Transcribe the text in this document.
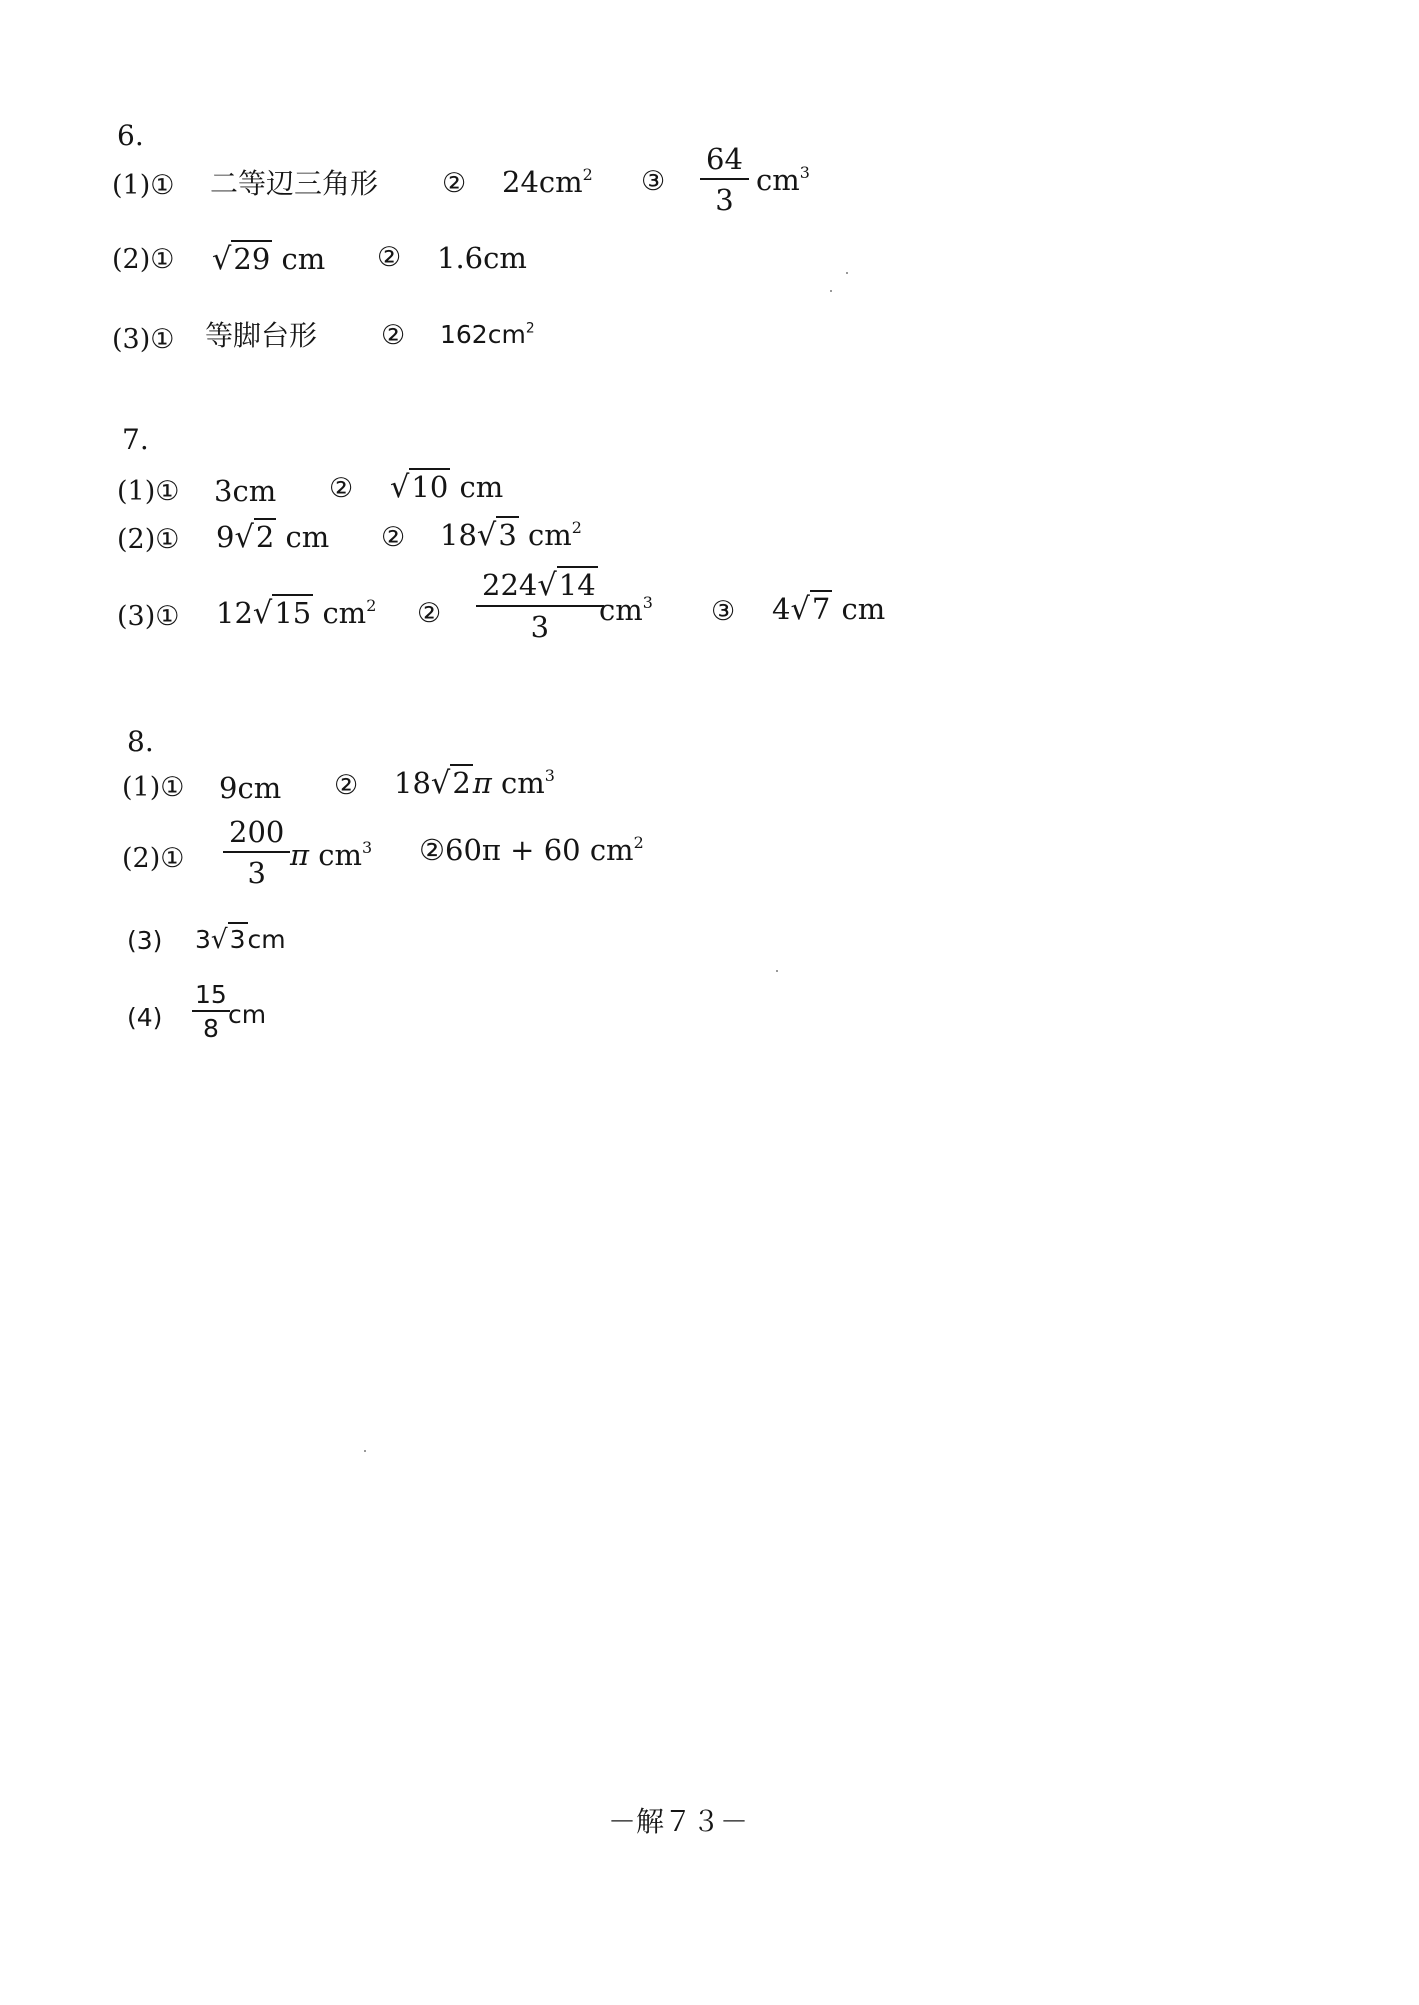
6.
(1)① 二等辺三角形 ② $24cm^2$ ③ $\frac{64}{3} cm^3$
(2)① √29 cm ② 1.6cm
(3)① 等脚台形 ② $162cm^2$
7.
(1)① 3cm ② √10 cm
(2)① 9√2 cm ② 18√3 $cm^2$
(3)① 12√15 $cm^2$ ② $\frac{224√14}{3}$
$cm^3$ ③ 4√7 cm
8.
(1)① 9cm ② 18√2π $cm^3$
(2)① $\frac{200}{3}$ π $cm^3$ ②60π + 60 $cm^2$
(3) 3√3cm
$(4) \frac{15}{8}$
cm
－解７３－
